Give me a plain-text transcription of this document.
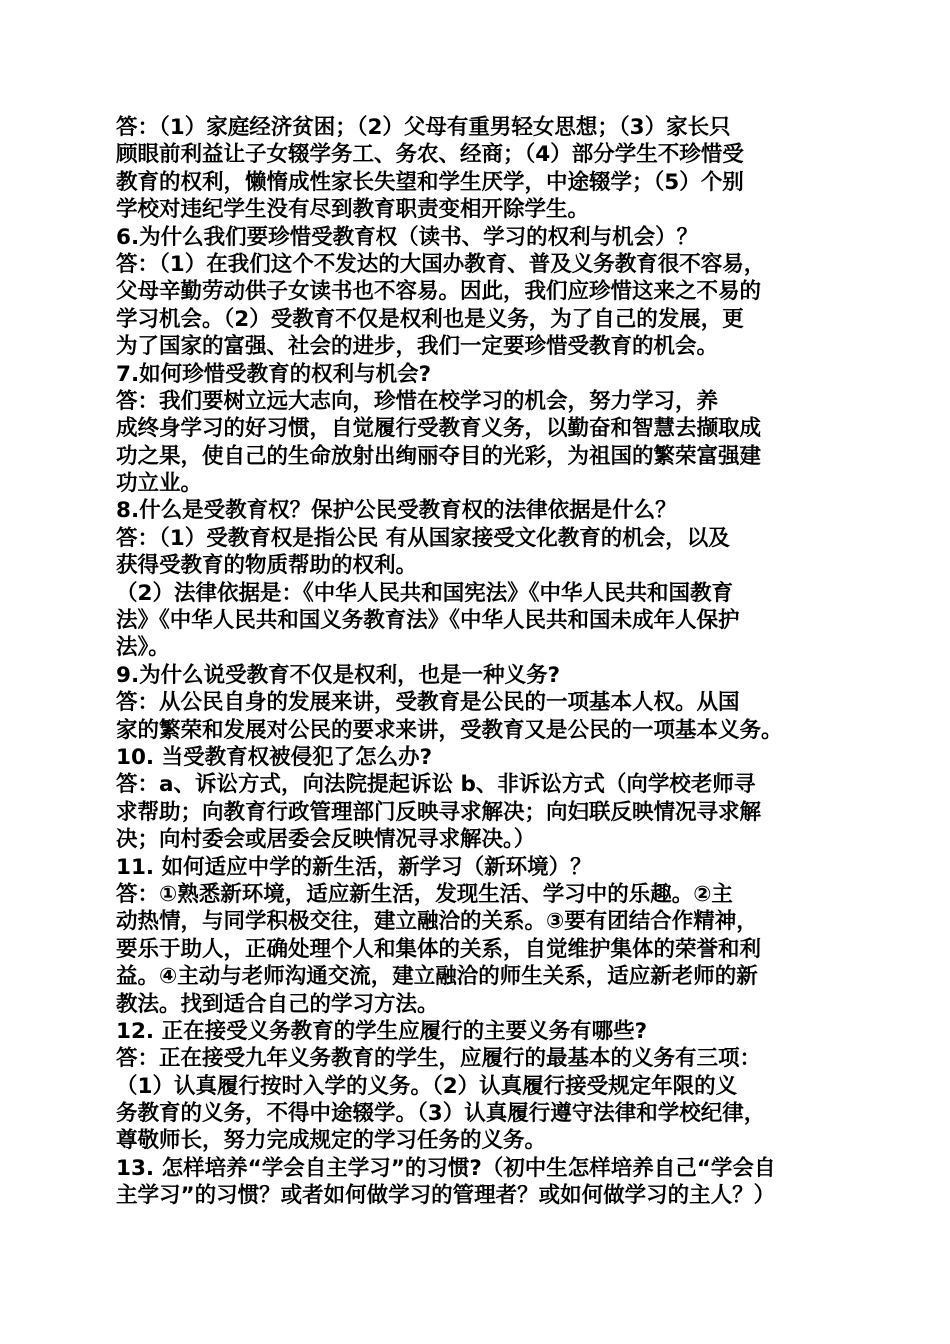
答：（1）家庭经济贫困；（2）父母有重男轻女思想；（3）家长只
顾眼前利益让子女辍学务工、务农、经商；（4）部分学生不珍惜受
教育的权利，懒惰成性家长失望和学生厌学，中途辍学；（5）个别
学校对违纪学生没有尽到教育职责变相开除学生。
6.为什么我们要珍惜受教育权（读书、学习的权利与机会）？
答：（1）在我们这个不发达的大国办教育、普及义务教育很不容易，
父母辛勤劳动供子女读书也不容易。因此，我们应珍惜这来之不易的
学习机会。（2）受教育不仅是权利也是义务，为了自己的发展，更
为了国家的富强、社会的进步，我们一定要珍惜受教育的机会。
7.如何珍惜受教育的权利与机会?
答：我们要树立远大志向，珍惜在校学习的机会，努力学习，养
成终身学习的好习惯，自觉履行受教育义务，以勤奋和智慧去撷取成
功之果，使自己的生命放射出绚丽夺目的光彩，为祖国的繁荣富强建
功立业。
8.什么是受教育权？保护公民受教育权的法律依据是什么？
答：（1）受教育权是指公民 有从国家接受文化教育的机会，以及
获得受教育的物质帮助的权利。
（2）法律依据是：《中华人民共和国宪法》《中华人民共和国教育
法》《中华人民共和国义务教育法》《中华人民共和国未成年人保护
法》。
9.为什么说受教育不仅是权利，也是一种义务?
答：从公民自身的发展来讲，受教育是公民的一项基本人权。从国
家的繁荣和发展对公民的要求来讲，受教育又是公民的一项基本义务。
10. 当受教育权被侵犯了怎么办?
答：a、诉讼方式，向法院提起诉讼 b、非诉讼方式（向学校老师寻
求帮助；向教育行政管理部门反映寻求解决；向妇联反映情况寻求解
决；向村委会或居委会反映情况寻求解决。）
11. 如何适应中学的新生活，新学习（新环境）？
答：①熟悉新环境，适应新生活，发现生活、学习中的乐趣。②主
动热情，与同学积极交往，建立融洽的关系。③要有团结合作精神，
要乐于助人，正确处理个人和集体的关系，自觉维护集体的荣誉和利
益。④主动与老师沟通交流，建立融洽的师生关系，适应新老师的新
教法。找到适合自己的学习方法。
12. 正在接受义务教育的学生应履行的主要义务有哪些?
答：正在接受九年义务教育的学生，应履行的最基本的义务有三项：
（1）认真履行按时入学的义务。（2）认真履行接受规定年限的义
务教育的义务，不得中途辍学。（3）认真履行遵守法律和学校纪律，
尊敬师长，努力完成规定的学习任务的义务。
13. 怎样培养“学会自主学习”的习惯?（初中生怎样培养自己“学会自
主学习”的习惯？或者如何做学习的管理者？或如何做学习的主人？）
